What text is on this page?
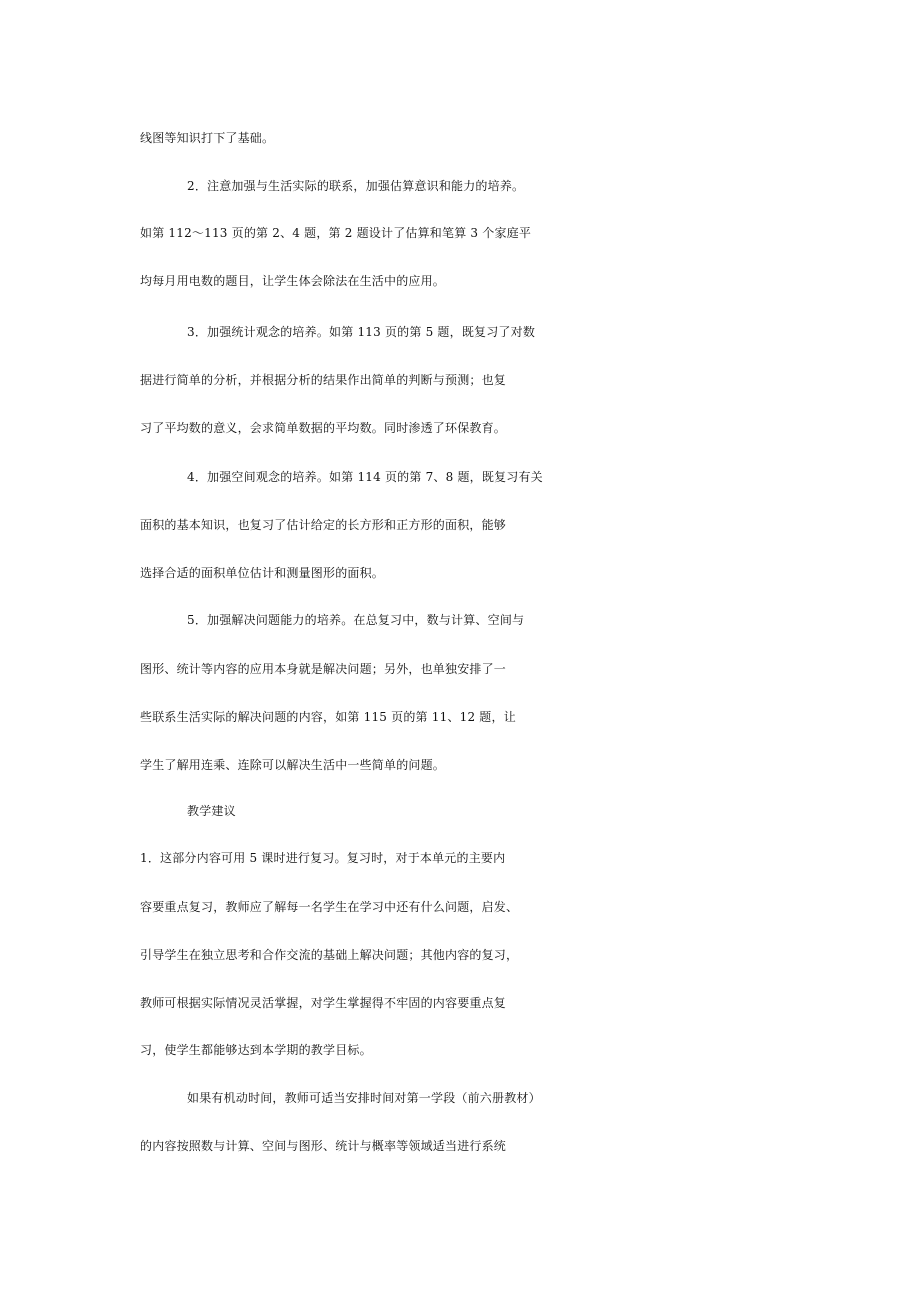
线图等知识打下了基础。
2．注意加强与生活实际的联系，加强估算意识和能力的培养。
如第 112～113 页的第 2、4 题，第 2 题设计了估算和笔算 3 个家庭平
均每月用电数的题目，让学生体会除法在生活中的应用。
3．加强统计观念的培养。如第 113 页的第 5 题，既复习了对数
据进行简单的分析，并根据分析的结果作出简单的判断与预测；也复
习了平均数的意义，会求简单数据的平均数。同时渗透了环保教育。
4．加强空间观念的培养。如第 114 页的第 7、8 题，既复习有关
面积的基本知识，也复习了估计给定的长方形和正方形的面积，能够
选择合适的面积单位估计和测量图形的面积。
5．加强解决问题能力的培养。在总复习中，数与计算、空间与
图形、统计等内容的应用本身就是解决问题；另外，也单独安排了一
些联系生活实际的解决问题的内容，如第 115 页的第 11、12 题，让
学生了解用连乘、连除可以解决生活中一些简单的问题。
教学建议
1．这部分内容可用 5 课时进行复习。复习时，对于本单元的主要内
容要重点复习，教师应了解每一名学生在学习中还有什么问题，启发、
引导学生在独立思考和合作交流的基础上解决问题；其他内容的复习，
教师可根据实际情况灵活掌握，对学生掌握得不牢固的内容要重点复
习，使学生都能够达到本学期的教学目标。
如果有机动时间，教师可适当安排时间对第一学段（前六册教材）
的内容按照数与计算、空间与图形、统计与概率等领域适当进行系统
